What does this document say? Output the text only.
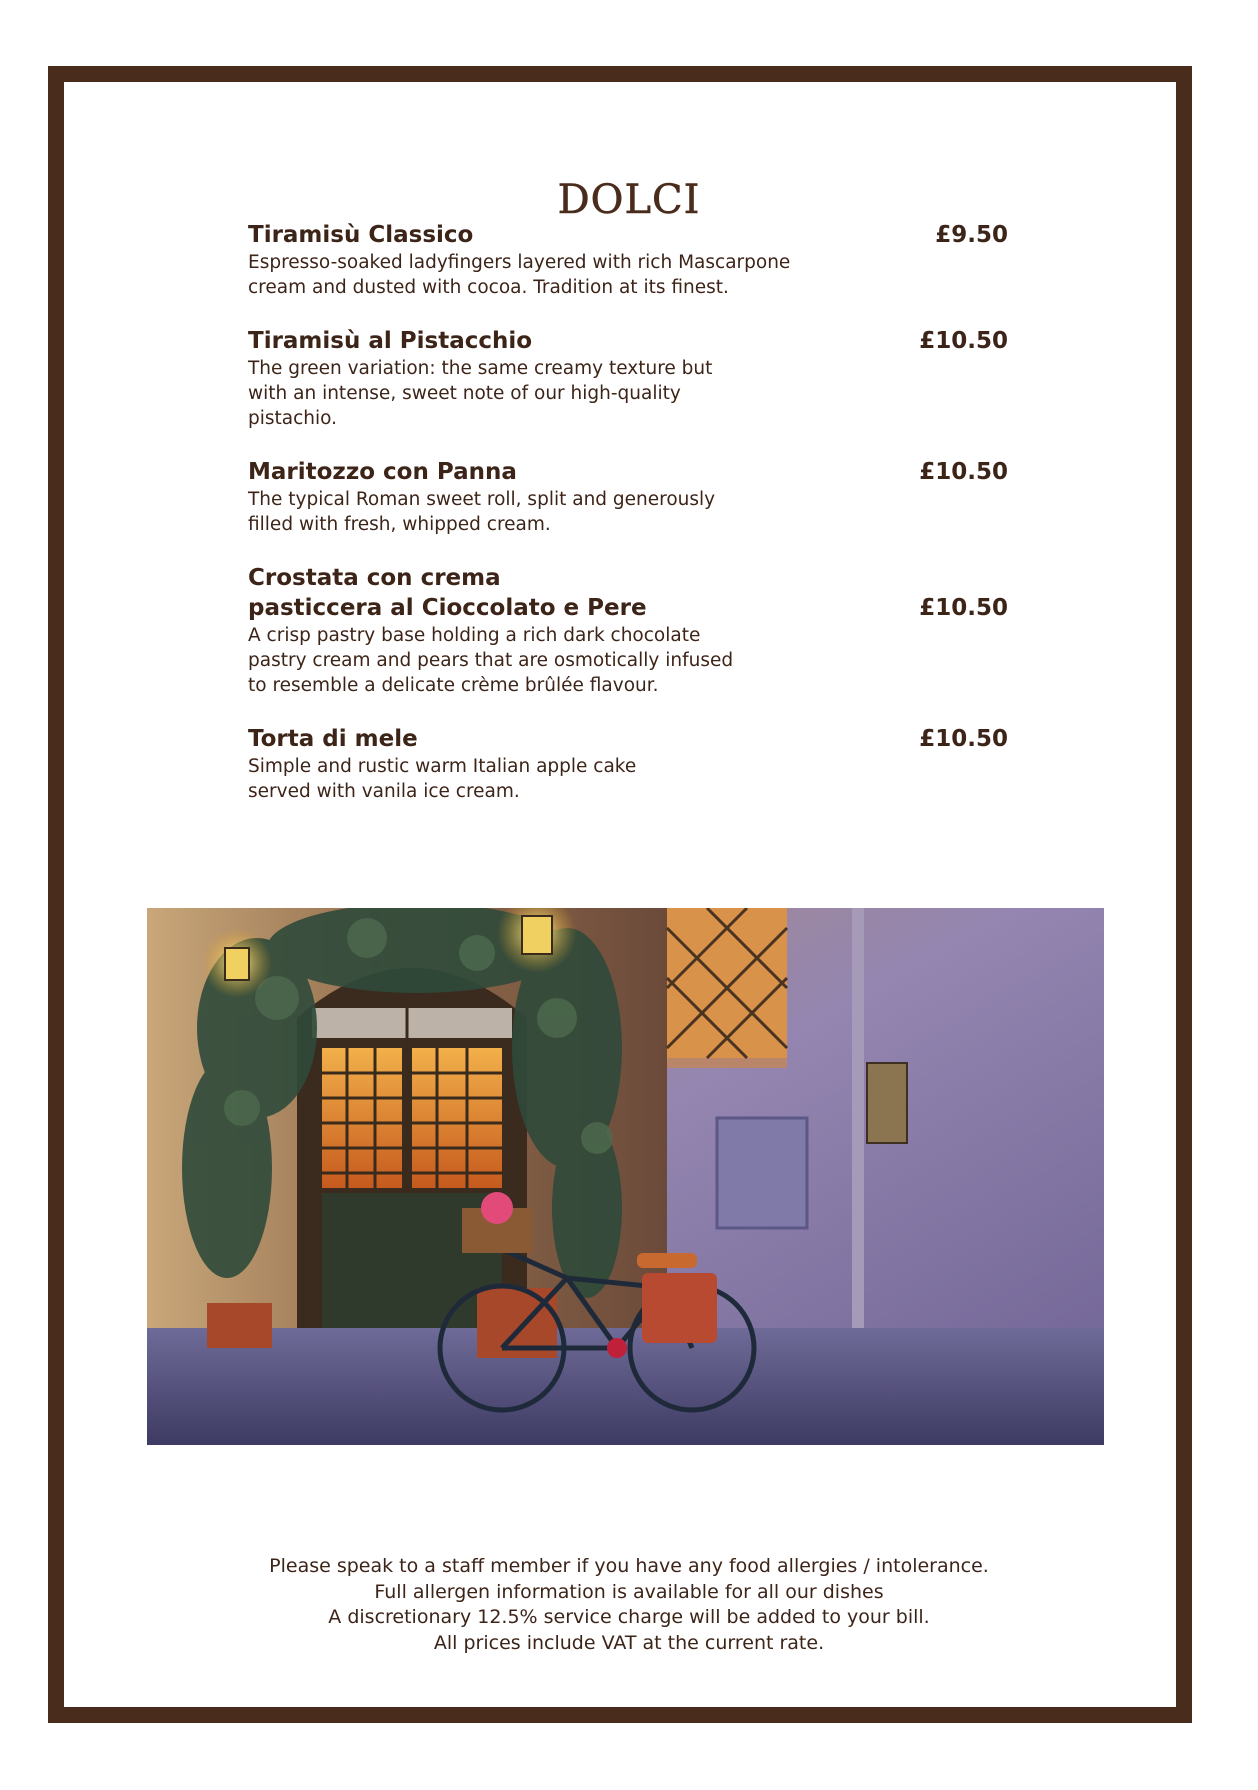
DOLCI
£9.50
Tiramisù Classico
Espresso-soaked ladyfingers layered with rich Mascarpone
cream and dusted with cocoa. Tradition at its finest.
£10.50
Tiramisù al Pistacchio
The green variation: the same creamy texture but
with an intense, sweet note of our high-quality
pistachio.
£10.50
Maritozzo con Panna
The typical Roman sweet roll, split and generously
filled with fresh, whipped cream.
£10.50
Crostata con crema
pasticcera al Cioccolato e Pere
A crisp pastry base holding a rich dark chocolate
pastry cream and pears that are osmotically infused
to resemble a delicate crème brûlée flavour.
£10.50
Torta di mele
Simple and rustic warm Italian apple cake
served with vanila ice cream.
Please speak to a staff member if you have any food allergies / intolerance.
Full allergen information is available for all our dishes
A discretionary 12.5% service charge will be added to your bill.
All prices include VAT at the current rate.
